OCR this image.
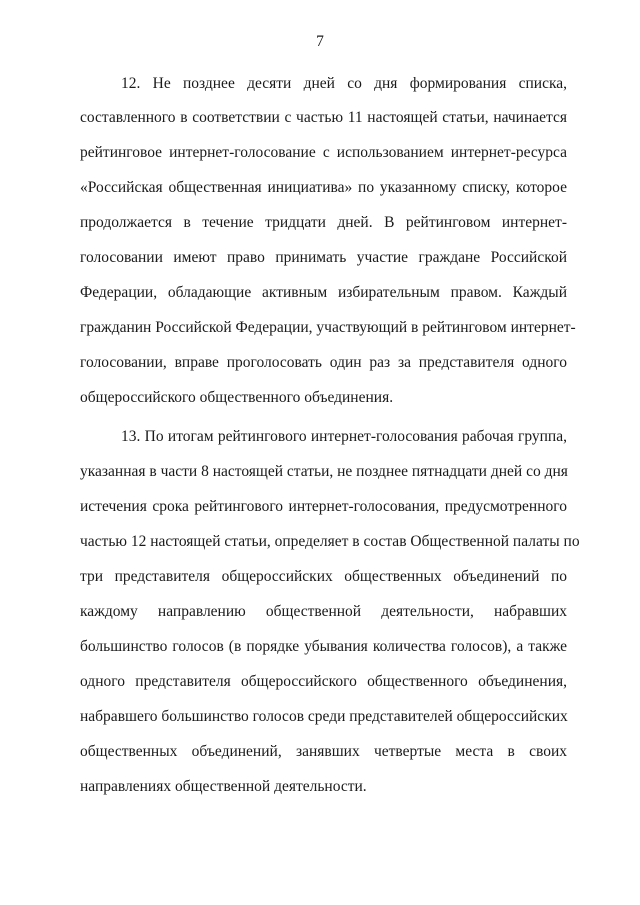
7
12. Не позднее десяти дней со дня формирования списка,
составленного в соответствии с частью 11 настоящей статьи, начинается
рейтинговое интернет-голосование с использованием интернет-ресурса
«Российская общественная инициатива» по указанному списку, которое
продолжается в течение тридцати дней. В рейтинговом интернет-
голосовании имеют право принимать участие граждане Российской
Федерации, обладающие активным избирательным правом. Каждый
гражданин Российской Федерации, участвующий в рейтинговом интернет-
голосовании, вправе проголосовать один раз за представителя одного
общероссийского общественного объединения.
13. По итогам рейтингового интернет-голосования рабочая группа,
указанная в части 8 настоящей статьи, не позднее пятнадцати дней со дня
истечения срока рейтингового интернет-голосования, предусмотренного
частью 12 настоящей статьи, определяет в состав Общественной палаты по
три представителя общероссийских общественных объединений по
каждому направлению общественной деятельности, набравших
большинство голосов (в порядке убывания количества голосов), а также
одного представителя общероссийского общественного объединения,
набравшего большинство голосов среди представителей общероссийских
общественных объединений, занявших четвертые места в своих
направлениях общественной деятельности.
